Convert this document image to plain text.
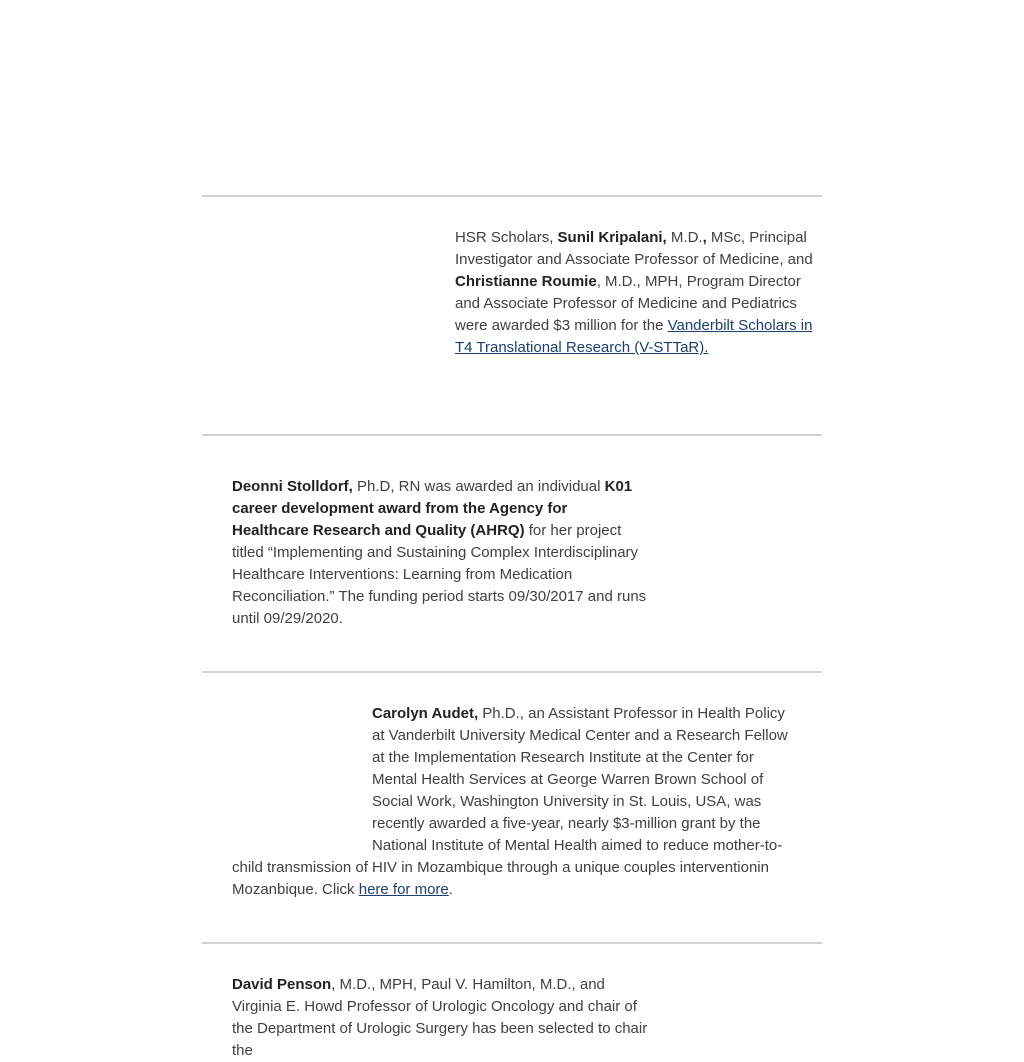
HSR Scholars, Sunil Kripalani, M.D., MSc, Principal Investigator and Associate Professor of Medicine, and Christianne Roumie, M.D., MPH, Program Director and Associate Professor of Medicine and Pediatrics were awarded $3 million for the Vanderbilt Scholars in T4 Translational Research (V-STTaR).

Deonni Stolldorf, Ph.D, RN was awarded an individual K01 career development award from the Agency for Healthcare Research and Quality (AHRQ) for her project titled “Implementing and Sustaining Complex Interdisciplinary Healthcare Interventions: Learning from Medication Reconciliation.” The funding period starts 09/30/2017 and runs until 09/29/2020.

Carolyn Audet, Ph.D., an Assistant Professor in Health Policy at Vanderbilt University Medical Center and a Research Fellow at the Implementation Research Institute at the Center for Mental Health Services at George Warren Brown School of Social Work, Washington University in St. Louis, USA, was recently awarded a five-year, nearly $3-million grant by the National Institute of Mental Health aimed to reduce mother-to-child transmission of HIV in Mozambique through a unique couples interventionin Mozanbique. Click here for more.

David Penson, M.D., MPH, Paul V. Hamilton, M.D., and Virginia E. Howd Professor of Urologic Oncology and chair of the Department of Urologic Surgery has been selected to chair the
